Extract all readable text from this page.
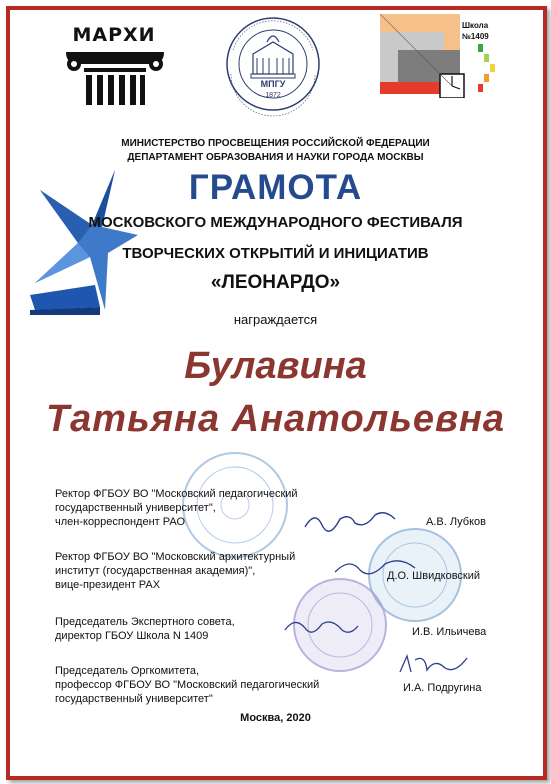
МАРХИ
МПГУ
1872
Школа
№1409
МИНИСТЕРСТВО ПРОСВЕЩЕНИЯ РОССИЙСКОЙ ФЕДЕРАЦИИ
ДЕПАРТАМЕНТ ОБРАЗОВАНИЯ И НАУКИ ГОРОДА МОСКВЫ
ГРАМОТА
МОСКОВСКОГО МЕЖДУНАРОДНОГО ФЕСТИВАЛЯ
ТВОРЧЕСКИХ ОТКРЫТИЙ И ИНИЦИАТИВ
«ЛЕОНАРДО»
награждается
Булавина
Татьяна Анатольевна
Ректор ФГБОУ ВО "Московский педагогический
государственный университет",
член-корреспондент РАО	А.В. Лубков
Ректор ФГБОУ ВО "Московский архитектурный
институт (государственная академия)",
вице-президент РАХ
Д.О. Швидковский
Председатель Экспертного совета,
директор ГБОУ Школа N 1409	И.В. Ильичева
Председатель Оргкомитета,
профессор ФГБОУ ВО "Московский педагогический
государственный университет"
И.А. Подругина
Москва, 2020
